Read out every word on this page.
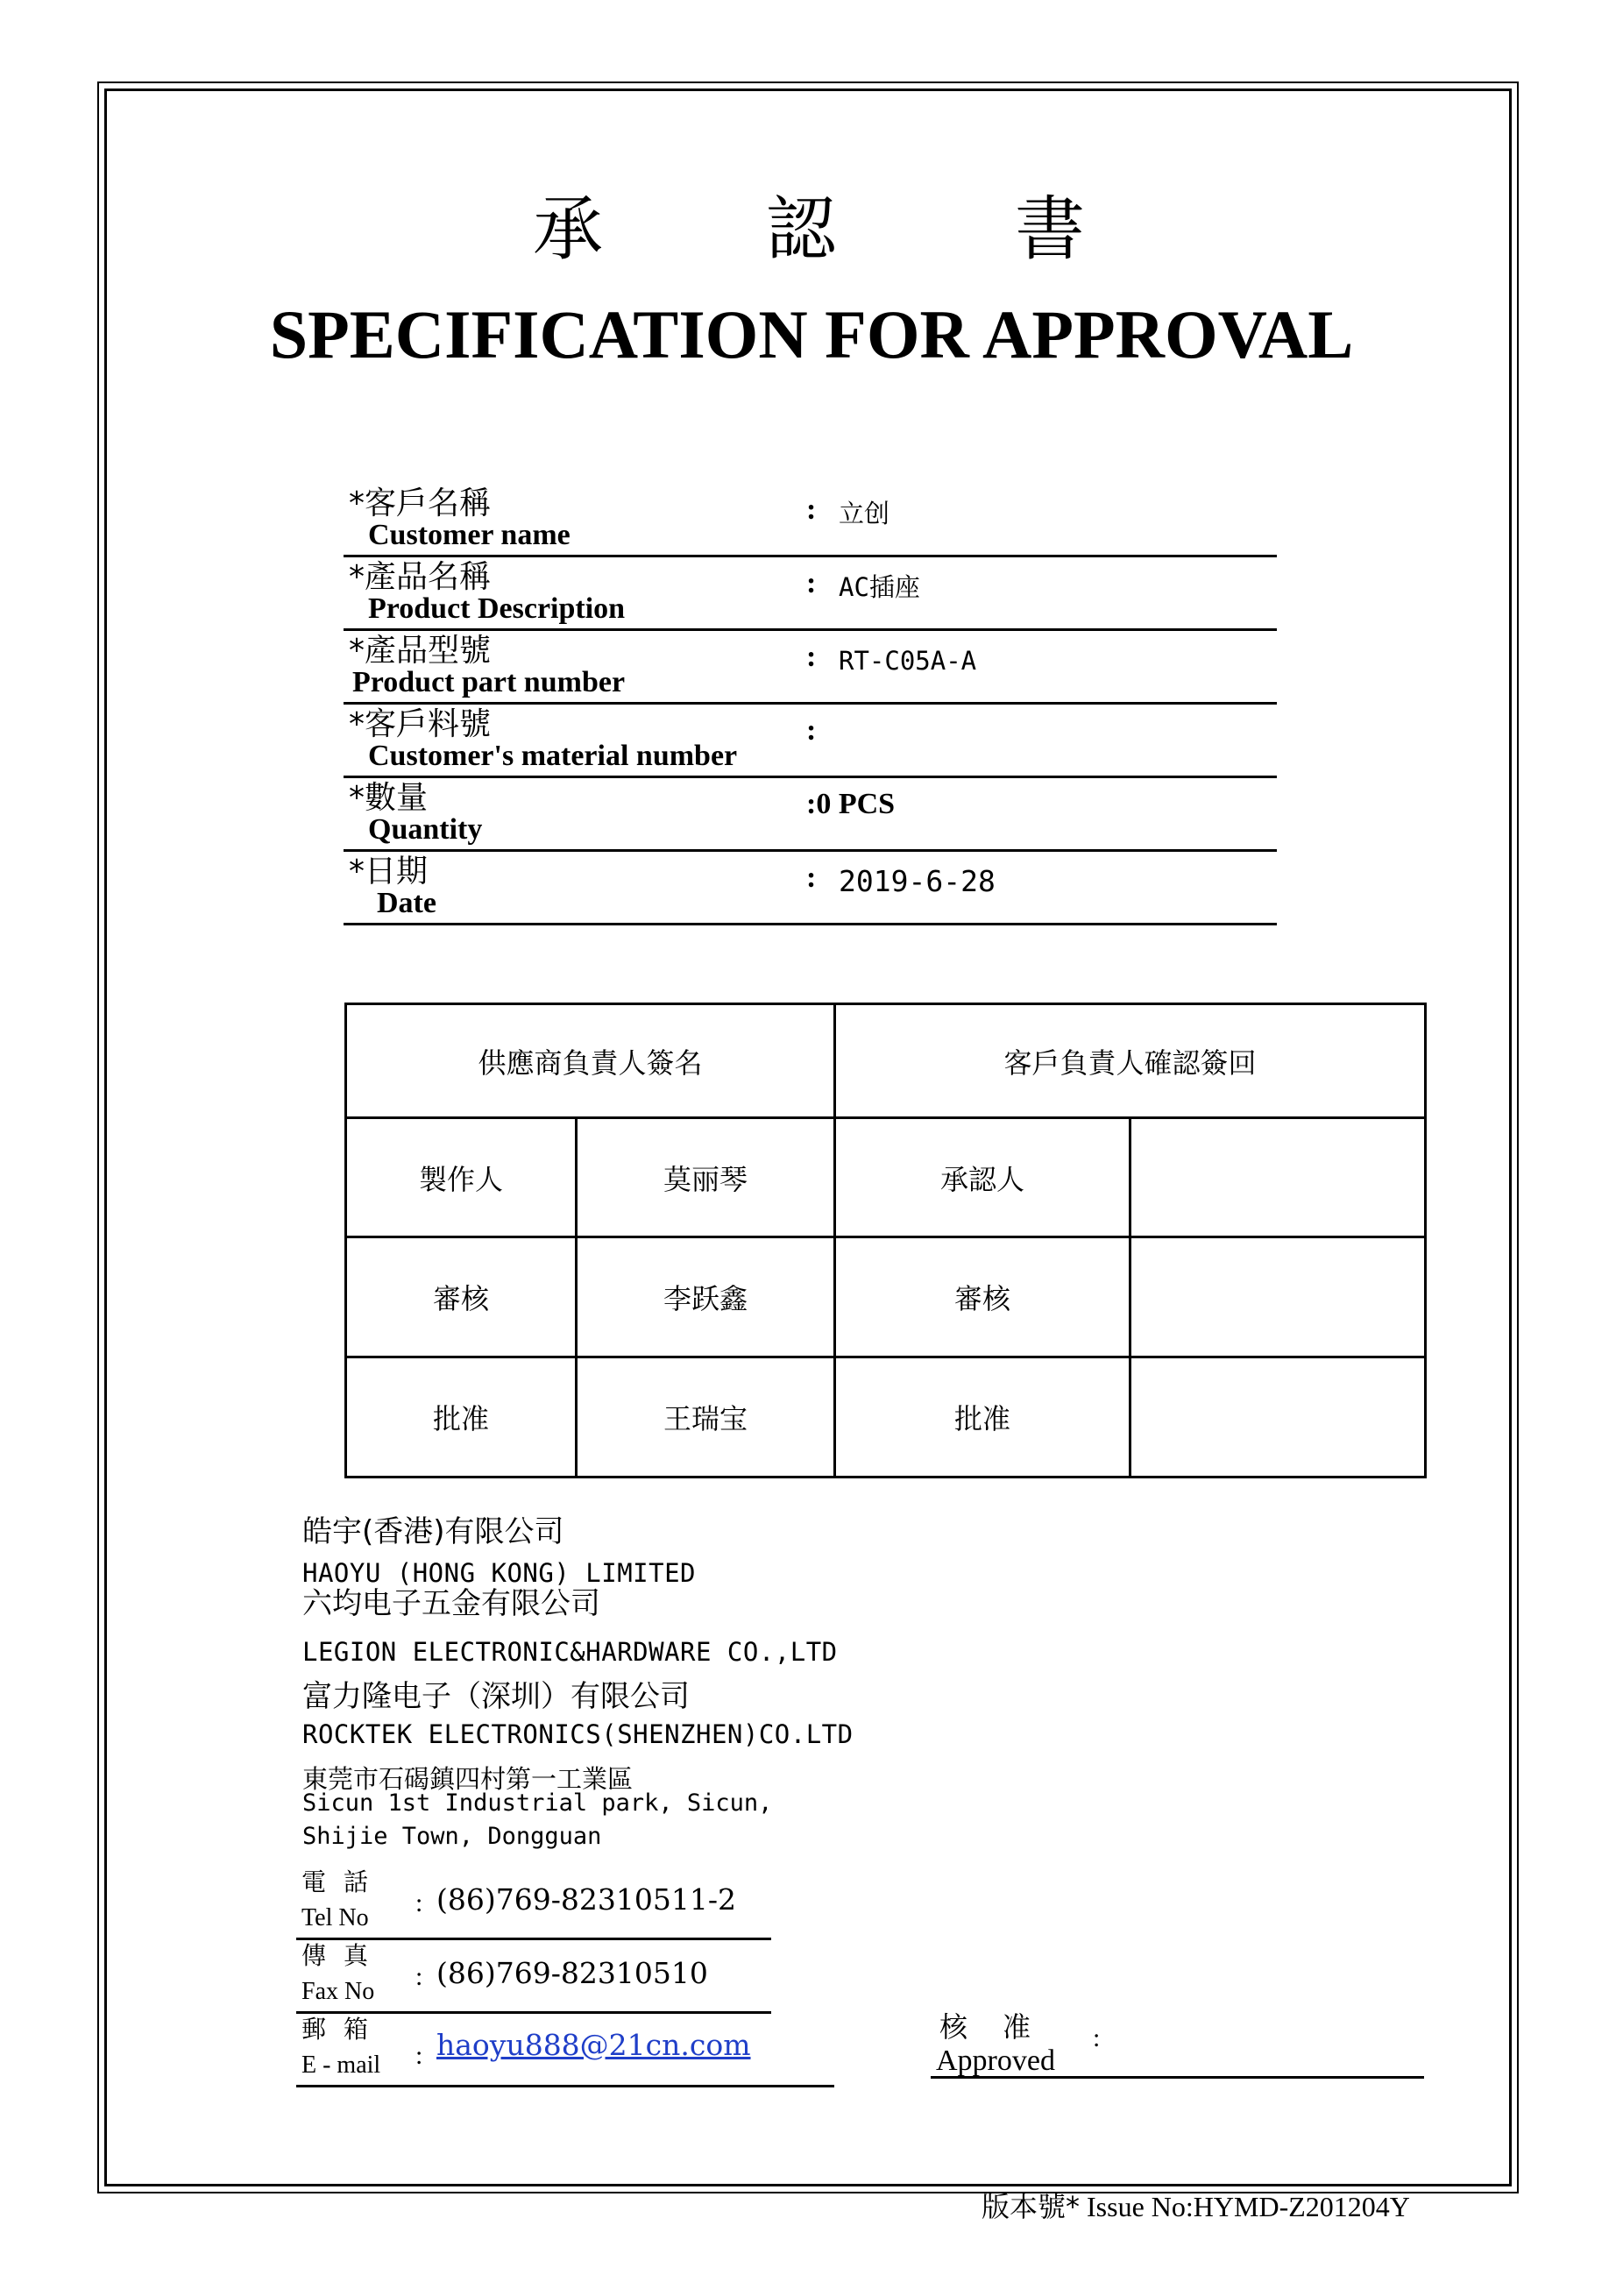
承 認	書
SPECIFICATION FOR APPROVAL
*客戶名稱
Customer name
: 立创
*產品名稱
Product Description
: AC插座
*產品型號
Product part number
: RT-C05A-A
*客戶料號
Customer's material number
:
*數量
Quantity
:0 PCS
*日期
Date
: 2019-6-28
供應商負責人簽名		客戶負責人確認簽回	
製作人	莫丽琴	承認人	
審核	李跃鑫	審核	
批准	王瑞宝	批准	
皓宇(香港)有限公司
HAOYU (HONG KONG) LIMITED
六均电子五金有限公司
LEGION ELECTRONIC&HARDWARE CO.,LTD
富力隆电子（深圳）有限公司
ROCKTEK ELECTRONICS(SHENZHEN)CO.LTD
東莞市石碣鎮四村第一工業區
Sicun 1st Industrial park, Sicun,
Shijie Town, Dongguan
電話
Tel No
: (86)769-82310511-2
傳真
Fax No
: (86)769-82310510
郵箱
E - mail : haoyu888@21cn.com
核准
Approved
:
版本號* Issue No:HYMD-Z201204Y
